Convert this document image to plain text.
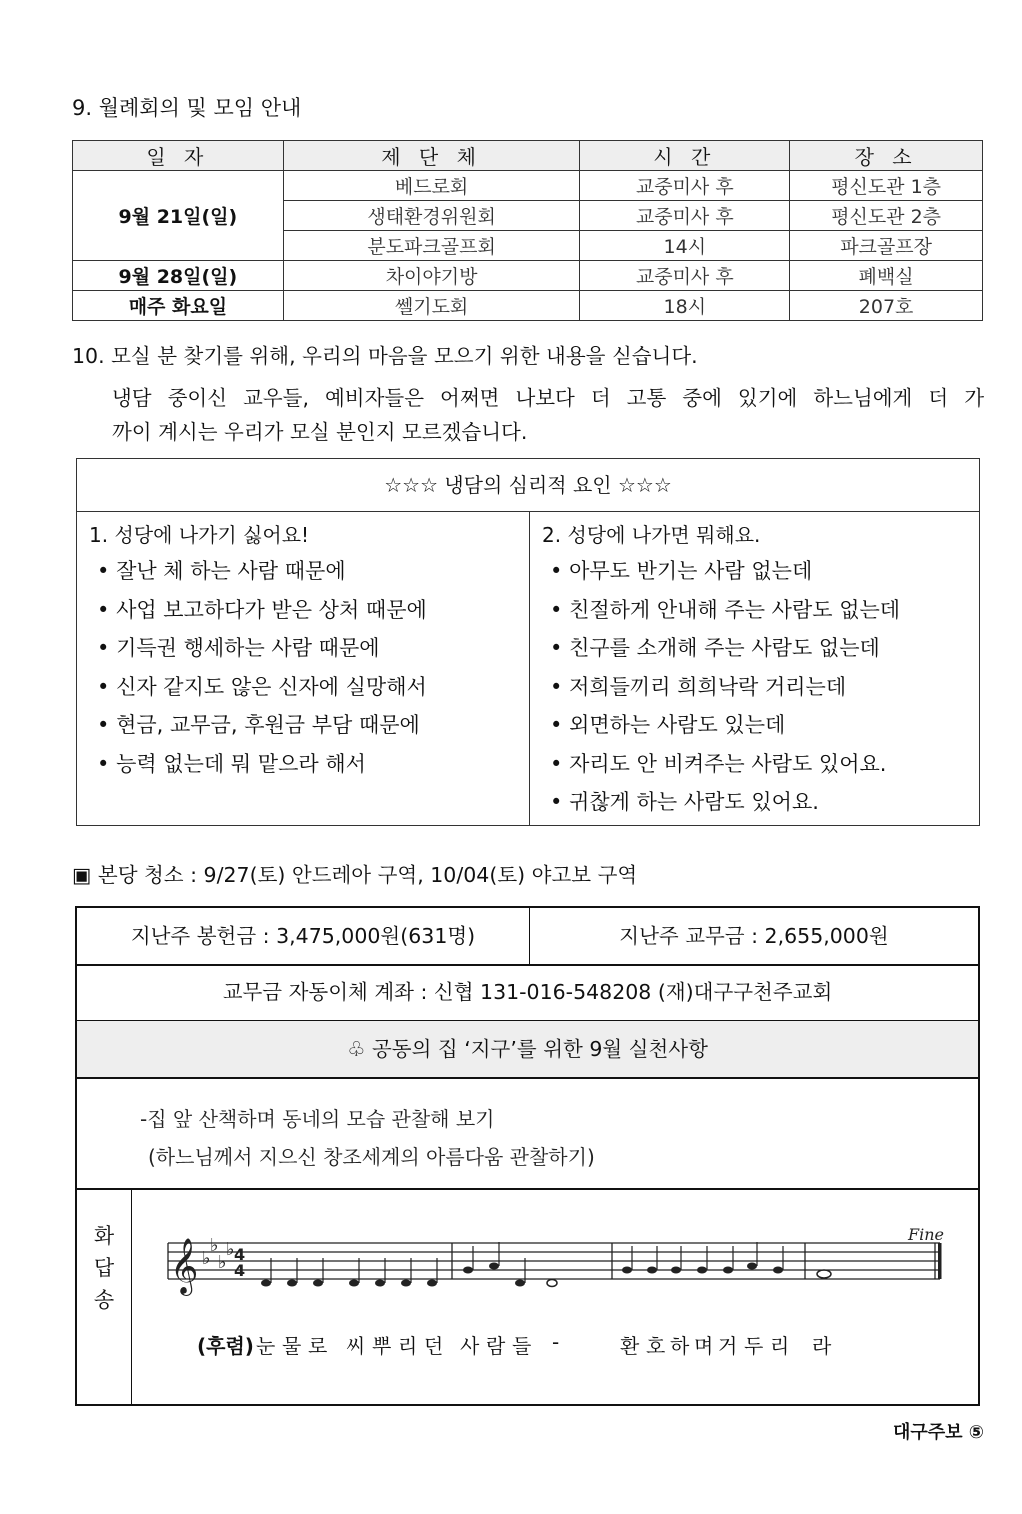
9. 월례회의 및 모임 안내
일 자	제 단 체	시 간	장 소
9월 21일(일)	베드로회	교중미사 후	평신도관 1층
	생태환경위원회	교중미사 후	평신도관 2층
	분도파크골프회	14시	파크골프장
9월 28일(일)	차이야기방	교중미사 후	폐백실
매주 화요일	쎌기도회	18시	207호
10. 모실 분 찾기를 위해, 우리의 마음을 모으기 위한 내용을 싣습니다.
냉담 중이신 교우들, 예비자들은 어쩌면 나보다 더 고통 중에 있기에 하느님에게 더 가
까이 계시는 우리가 모실 분인지 모르겠습니다.
☆☆☆ 냉담의 심리적 요인 ☆☆☆
1. 성당에 나가기 싫어요!
• 잘난 체 하는 사람 때문에
• 사업 보고하다가 받은 상처 때문에
• 기득권 행세하는 사람 때문에
• 신자 같지도 않은 신자에 실망해서
• 현금, 교무금, 후원금 부담 때문에
• 능력 없는데 뭐 맡으라 해서
2. 성당에 나가면 뭐해요.
• 아무도 반기는 사람 없는데
• 친절하게 안내해 주는 사람도 없는데
• 친구를 소개해 주는 사람도 없는데
• 저희들끼리 희희낙락 거리는데
• 외면하는 사람도 있는데
• 자리도 안 비켜주는 사람도 있어요.
• 귀찮게 하는 사람도 있어요.
▣ 본당 청소 : 9/27(토) 안드레아 구역, 10/04(토) 야고보 구역
지난주 봉헌금 : 3,475,000원(631명)	지난주 교무금 : 2,655,000원
교무금 자동이체 계좌 : 신협 131-016-548208 (재)대구구천주교회
♧ 공동의 집 ‘지구’를 위한 9월 실천사항
화
답
송
-집 앞 산책하며 동네의 모습 관찰해 보기
(하느님께서 지으신 창조세계의 아름다움 관찰하기)
𝄞 ♭
♭
♭
♭ 4
4
Fine
(후렴) 눈 물 로 씨 뿌 리 던 사 람 들 -	환 호 하 며 거 두 리 라
대구주보 ⑤
